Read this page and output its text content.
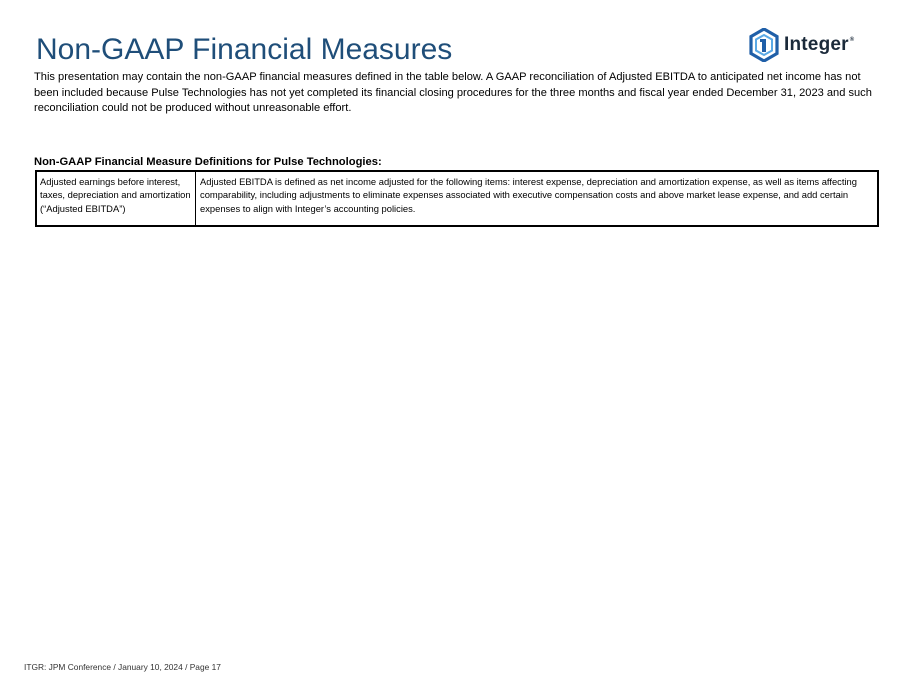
Non-GAAP Financial Measures	Integer®

This presentation may contain the non-GAAP financial measures defined in the table below. A GAAP reconciliation of Adjusted EBITDA to anticipated net income has not been included because Pulse Technologies has not yet completed its financial closing procedures for the three months and fiscal year ended December 31, 2023 and such reconciliation could not be produced without unreasonable effort.

Non-GAAP Financial Measure Definitions for Pulse Technologies:

Adjusted earnings before interest, taxes, depreciation and amortization (“Adjusted EBITDA”)
Adjusted EBITDA is defined as net income adjusted for the following items: interest expense, depreciation and amortization expense, as well as items affecting comparability, including adjustments to eliminate expenses associated with executive compensation costs and above market lease expense, and add certain expenses to align with Integer’s accounting policies.
ITGR: JPM Conference / January 10, 2024 / Page 17
